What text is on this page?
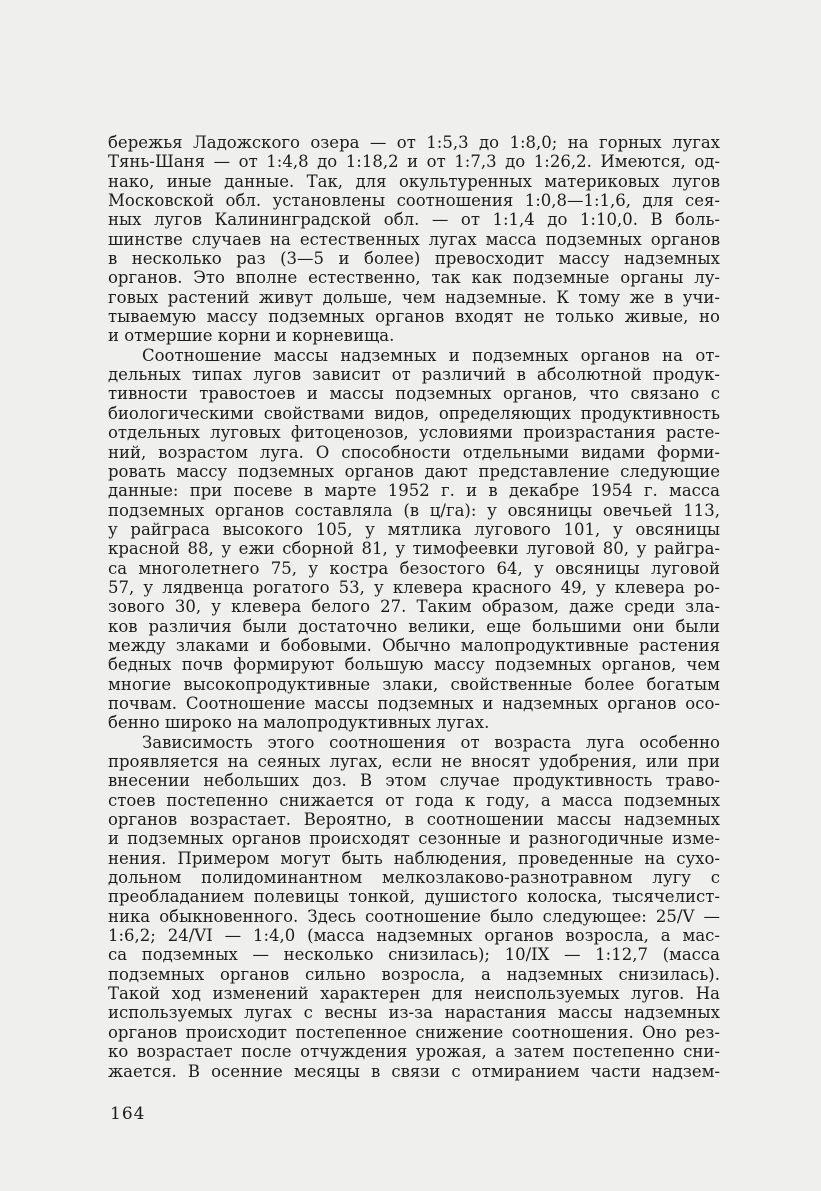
бережья Ладожского озера — от 1:5,3 до 1:8,0; на горных лугах
Тянь-Шаня — от 1:4,8 до 1:18,2 и от 1:7,3 до 1:26,2. Имеются, од-
нако, иные данные. Так, для окультуренных материковых лугов
Московской обл. установлены соотношения 1:0,8—1:1,6, для сея-
ных лугов Калининградской обл. — от 1:1,4 до 1:10,0. В боль-
шинстве случаев на естественных лугах масса подземных органов
в несколько раз (3—5 и более) превосходит массу надземных
органов. Это вполне естественно, так как подземные органы лу-
говых растений живут дольше, чем надземные. К тому же в учи-
тываемую массу подземных органов входят не только живые, но
и отмершие корни и корневища.
Соотношение массы надземных и подземных органов на от-
дельных типах лугов зависит от различий в абсолютной продук-
тивности травостоев и массы подземных органов, что связано с
биологическими свойствами видов, определяющих продуктивность
отдельных луговых фитоценозов, условиями произрастания расте-
ний, возрастом луга. О способности отдельными видами форми-
ровать массу подземных органов дают представление следующие
данные: при посеве в марте 1952 г. и в декабре 1954 г. масса
подземных органов составляла (в ц/га): у овсяницы овечьей 113,
у райграса высокого 105, у мятлика лугового 101, у овсяницы
красной 88, у ежи сборной 81, у тимофеевки луговой 80, у райгра-
са многолетнего 75, у костра безостого 64, у овсяницы луговой
57, у лядвенца рогатого 53, у клевера красного 49, у клевера ро-
зового 30, у клевера белого 27. Таким образом, даже среди зла-
ков различия были достаточно велики, еще большими они были
между злаками и бобовыми. Обычно малопродуктивные растения
бедных почв формируют большую массу подземных органов, чем
многие высокопродуктивные злаки, свойственные более богатым
почвам. Соотношение массы подземных и надземных органов осо-
бенно широко на малопродуктивных лугах.
Зависимость этого соотношения от возраста луга особенно
проявляется на сеяных лугах, если не вносят удобрения, или при
внесении небольших доз. В этом случае продуктивность траво-
стоев постепенно снижается от года к году, а масса подземных
органов возрастает. Вероятно, в соотношении массы надземных
и подземных органов происходят сезонные и разногодичные изме-
нения. Примером могут быть наблюдения, проведенные на сухо-
дольном полидоминантном мелкозлаково-разнотравном лугу с
преобладанием полевицы тонкой, душистого колоска, тысячелист-
ника обыкновенного. Здесь соотношение было следующее: 25/V —
1:6,2; 24/VI — 1:4,0 (масса надземных органов возросла, а мас-
са подземных — несколько снизилась); 10/IX — 1:12,7 (масса
подземных органов сильно возросла, а надземных снизилась).
Такой ход изменений характерен для неиспользуемых лугов. На
используемых лугах с весны из-за нарастания массы надземных
органов происходит постепенное снижение соотношения. Оно рез-
ко возрастает после отчуждения урожая, а затем постепенно сни-
жается. В осенние месяцы в связи с отмиранием части надзем-
164
